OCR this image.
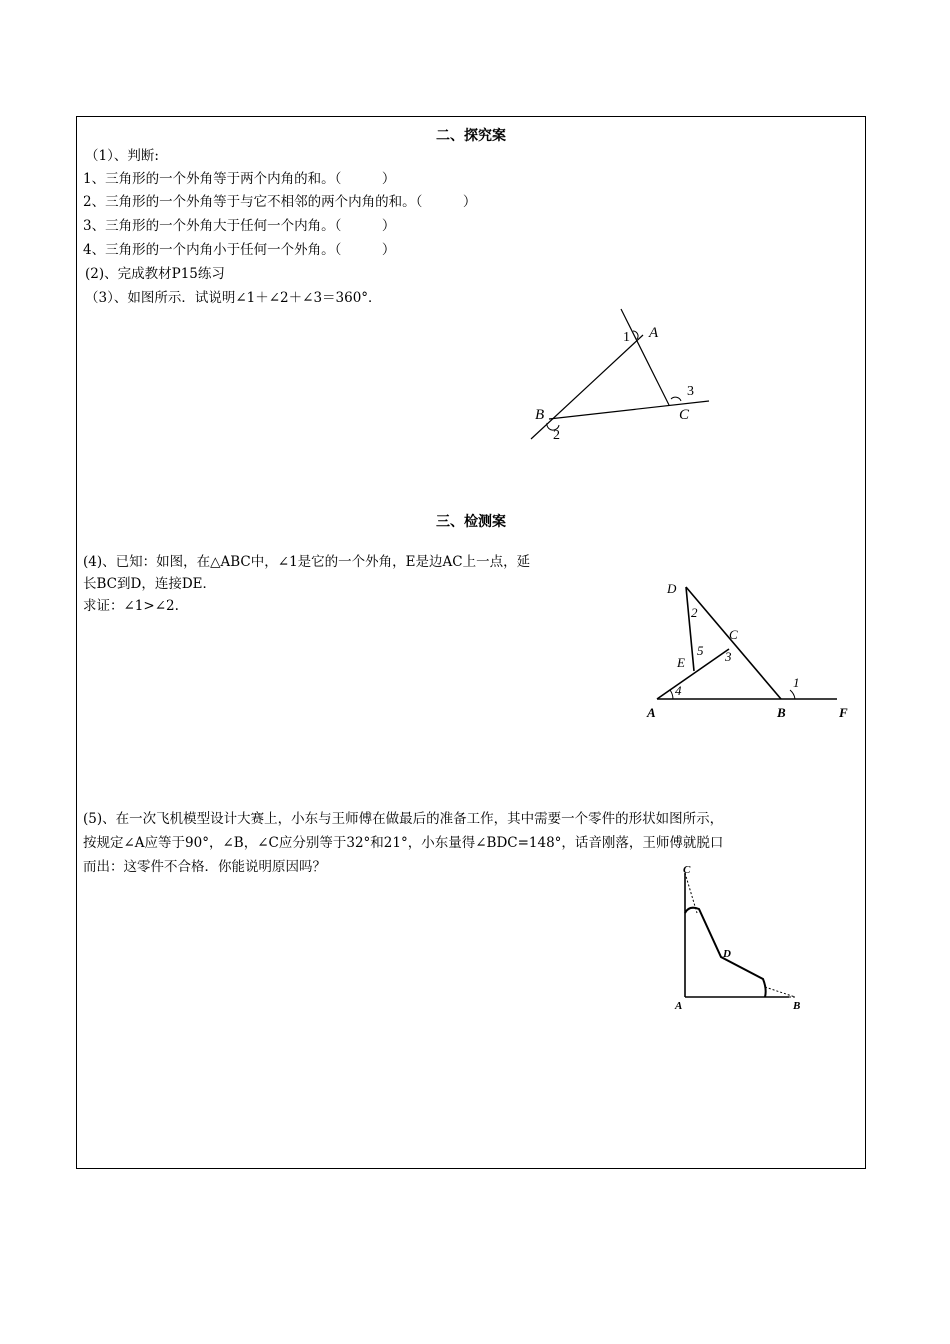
二、探究案
（1）、判断:
1、三角形的一个外角等于两个内角的和。（　　　）
2、三角形的一个外角等于与它不相邻的两个内角的和。（　　　）
3、三角形的一个外角大于任何一个内角。（　　　）
4、三角形的一个内角小于任何一个外角。（　　　）
(2)、完成教材P15练习
（3）、如图所示．试说明∠1＋∠2＋∠3＝360°．
A
1
B
2
C
3
三、检测案
(4)、已知：如图，在△ABC中，∠1是它的一个外角，E是边AC上一点，延
长BC到D，连接DE．
求证：∠1>∠2.
D
2
C
5 3
E
4
1
A	B	F
(5)、在一次飞机模型设计大赛上，小东与王师傅在做最后的准备工作，其中需要一个零件的形状如图所示，
按规定∠A应等于90°，∠B，∠C应分别等于32°和21°，小东量得∠BDC=148°，话音刚落，王师傅就脱口
而出：这零件不合格．你能说明原因吗？	C
D
A	B
